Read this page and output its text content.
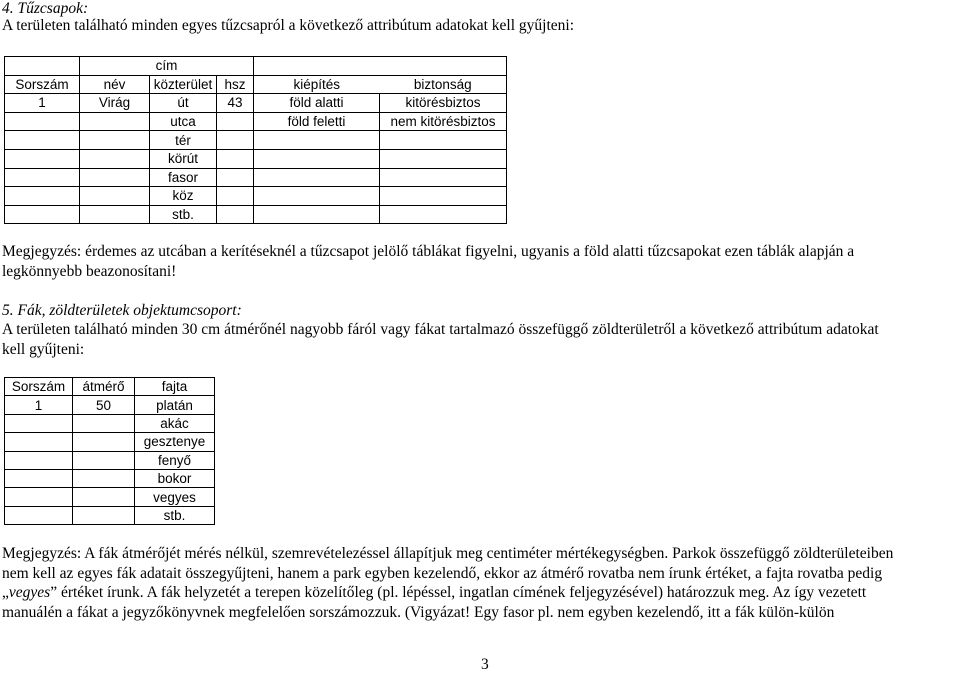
4. Tűzcsapok:
A területen található minden egyes tűzcsapról a következő attribútum adatokat kell gyűjteni:
	cím				
Sorszám	név	közterület	hsz	kiépítés	biztonság
1	Virág	út	43	föld alatti	kitörésbiztos
		utca		föld feletti	nem kitörésbiztos
		tér			
		körút			
		fasor			
		köz			
		stb.			
Megjegyzés: érdemes az utcában a kerítéseknél a tűzcsapot jelölő táblákat figyelni, ugyanis a föld alatti tűzcsapokat ezen táblák alapján a
legkönnyebb beazonosítani!
5. Fák, zöldterületek objektumcsoport:
A területen található minden 30 cm átmérőnél nagyobb fáról vagy fákat tartalmazó összefüggő zöldterületről a következő attribútum adatokat
kell gyűjteni:
Sorszám	átmérő	fajta
1	50	platán
		akác
		gesztenye
		fenyő
		bokor
		vegyes
		stb.
Megjegyzés: A fák átmérőjét mérés nélkül, szemrevételezéssel állapítjuk meg centiméter mértékegységben. Parkok összefüggő zöldterületeiben
nem kell az egyes fák adatait összegyűjteni, hanem a park egyben kezelendő, ekkor az átmérő rovatba nem írunk értéket, a fajta rovatba pedig
„vegyes” értéket írunk. A fák helyzetét a terepen közelítőleg (pl. lépéssel, ingatlan címének feljegyzésével) határozzuk meg. Az így vezetett
manuálén a fákat a jegyzőkönyvnek megfelelően sorszámozzuk. (Vigyázat! Egy fasor pl. nem egyben kezelendő, itt a fák külön-külön
3
